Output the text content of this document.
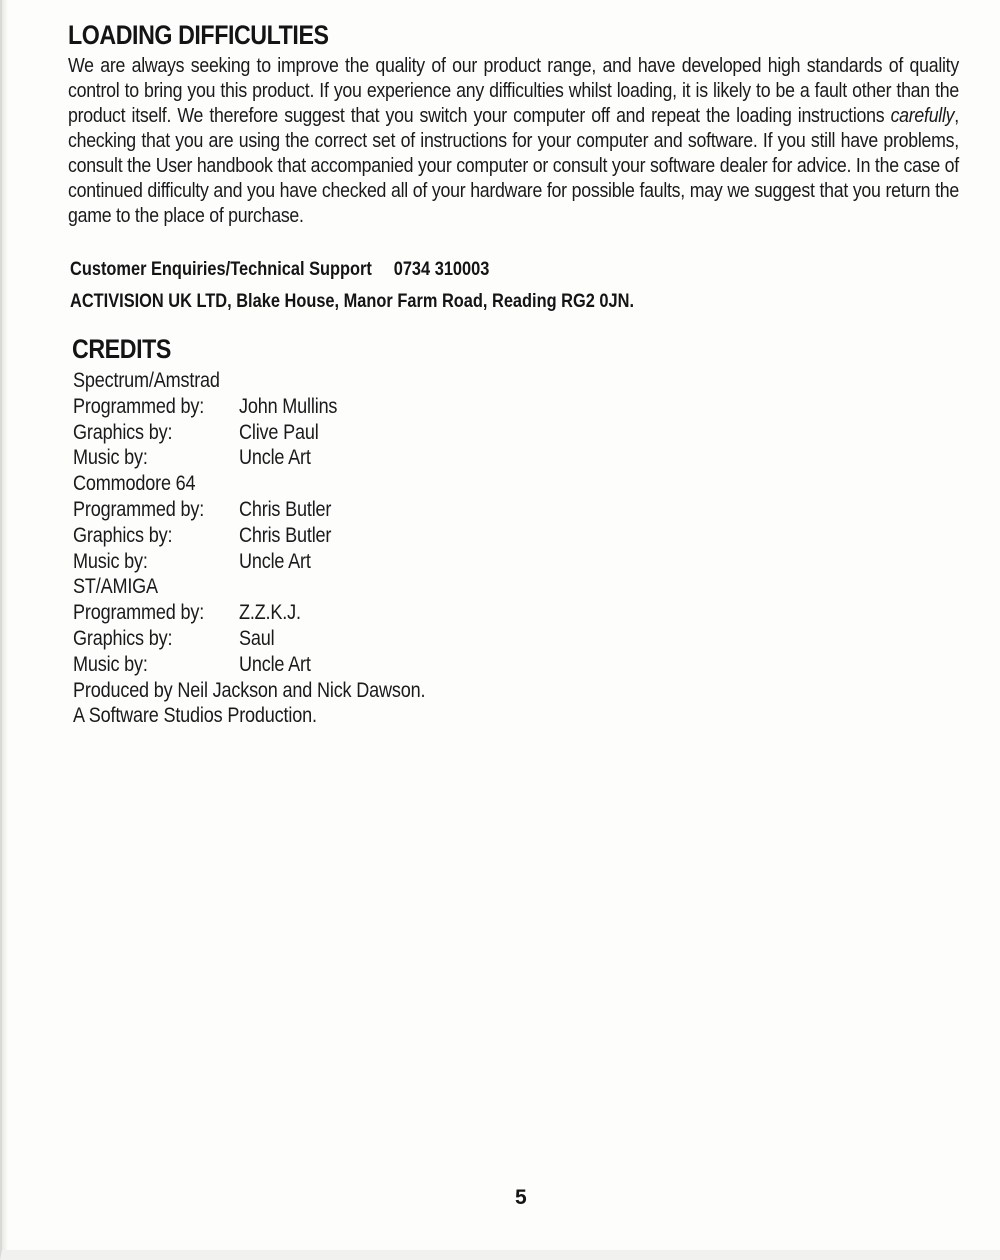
LOADING DIFFICULTIES

We are always seeking to improve the quality of our product range, and have developed high standards of quality control to bring you this product. If you experience any difficulties whilst loading, it is likely to be a fault other than the product itself. We therefore suggest that you switch your computer off and repeat the loading instructions carefully, checking that you are using the correct set of instructions for your computer and software. If you still have problems, consult the User handbook that accompanied your computer or consult your software dealer for advice. In the case of continued difficulty and you have checked all of your hardware for possible faults, may we suggest that you return the game to the place of purchase.

Customer Enquiries/Technical Support 0734 310003

ACTIVISION UK LTD, Blake House, Manor Farm Road, Reading RG2 0JN.

CREDITS
Spectrum/Amstrad
Programmed by:	John Mullins
Graphics by:	Clive Paul
Music by:	Uncle Art
Commodore 64
Programmed by:	Chris Butler
Graphics by:	Chris Butler
Music by:	Uncle Art
ST/AMIGA
Programmed by:	Z.Z.K.J.
Graphics by:	Saul
Music by:	Uncle Art
Produced by Neil Jackson and Nick Dawson.
A Software Studios Production.
5
